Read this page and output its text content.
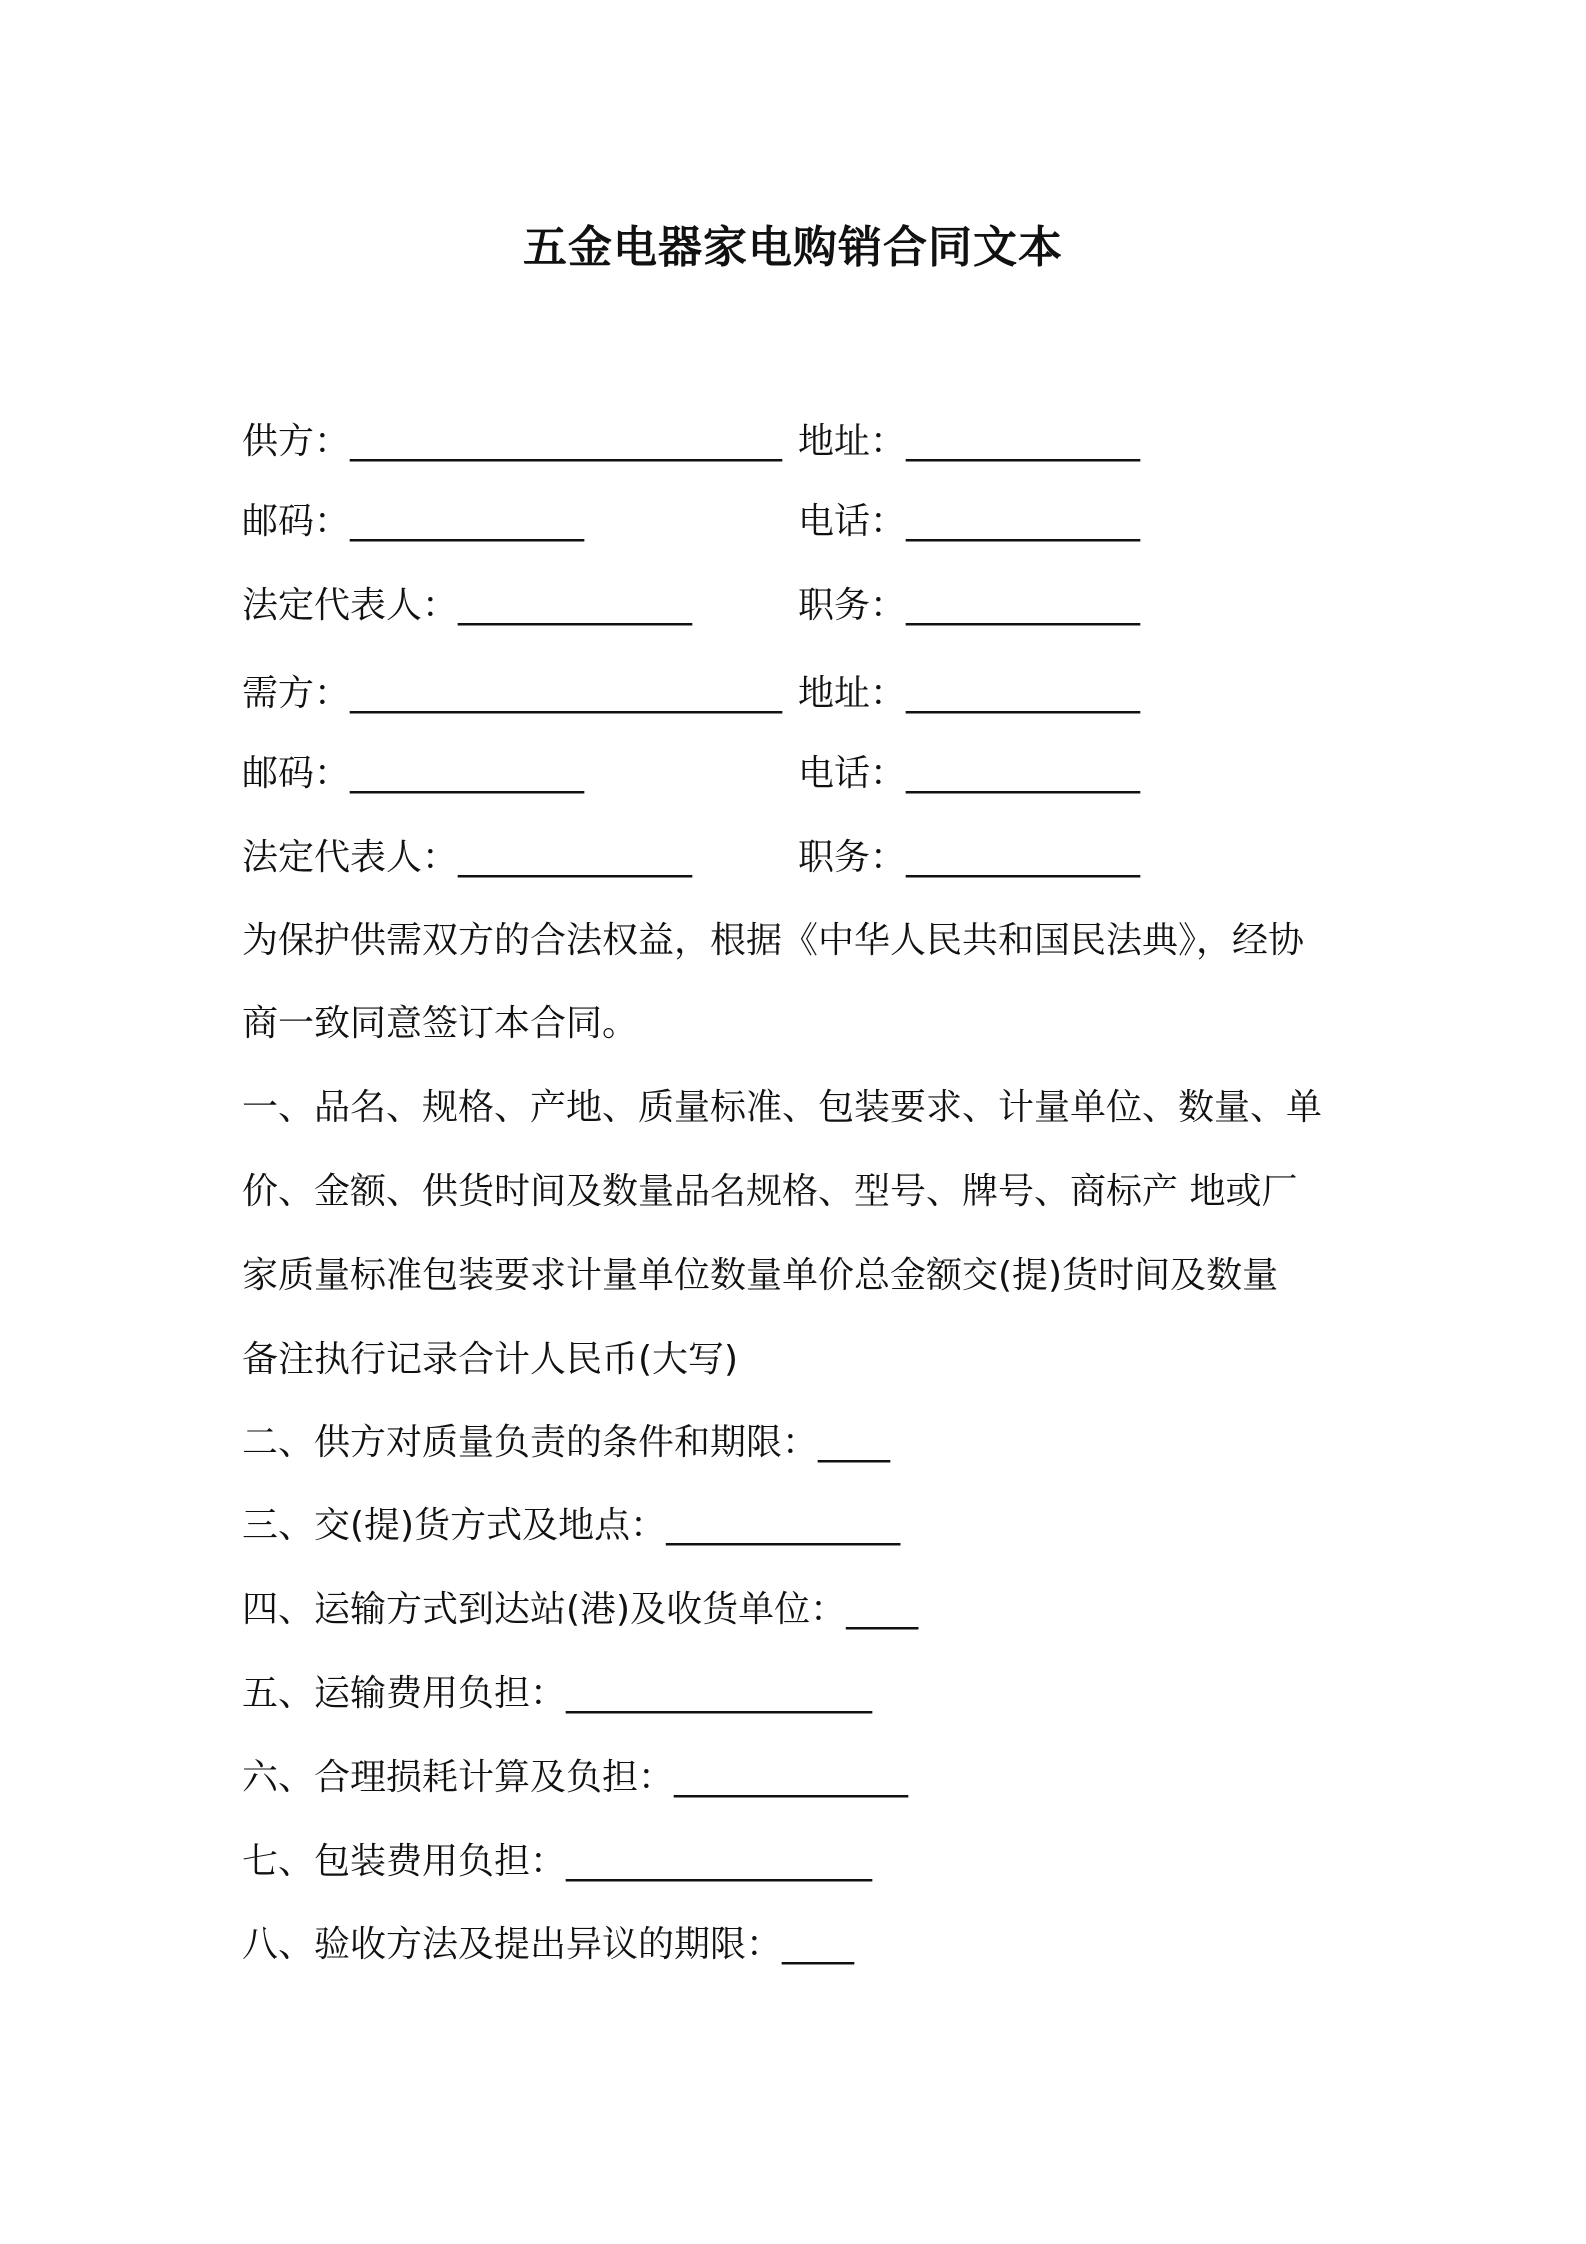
五金电器家电购销合同文本
供方：________________________ 地址：_____________
邮码：_____________	电话：_____________
法定代表人：_____________	职务：_____________
需方：________________________ 地址：_____________
邮码：_____________	电话：_____________
法定代表人：_____________	职务：_____________
为保护供需双方的合法权益，根据《中华人民共和国民法典》，经协
商一致同意签订本合同。
一、品名、规格、产地、质量标准、包装要求、计量单位、数量、单
价、金额、供货时间及数量品名规格、型号、牌号、商标产 地或厂
家质量标准包装要求计量单位数量单价总金额交(提)货时间及数量
备注执行记录合计人民币(大写)
二、供方对质量负责的条件和期限：____
三、交(提)货方式及地点：_____________
四、运输方式到达站(港)及收货单位：____
五、运输费用负担：_________________
六、合理损耗计算及负担：_____________
七、包装费用负担：_________________
八、验收方法及提出异议的期限：____
